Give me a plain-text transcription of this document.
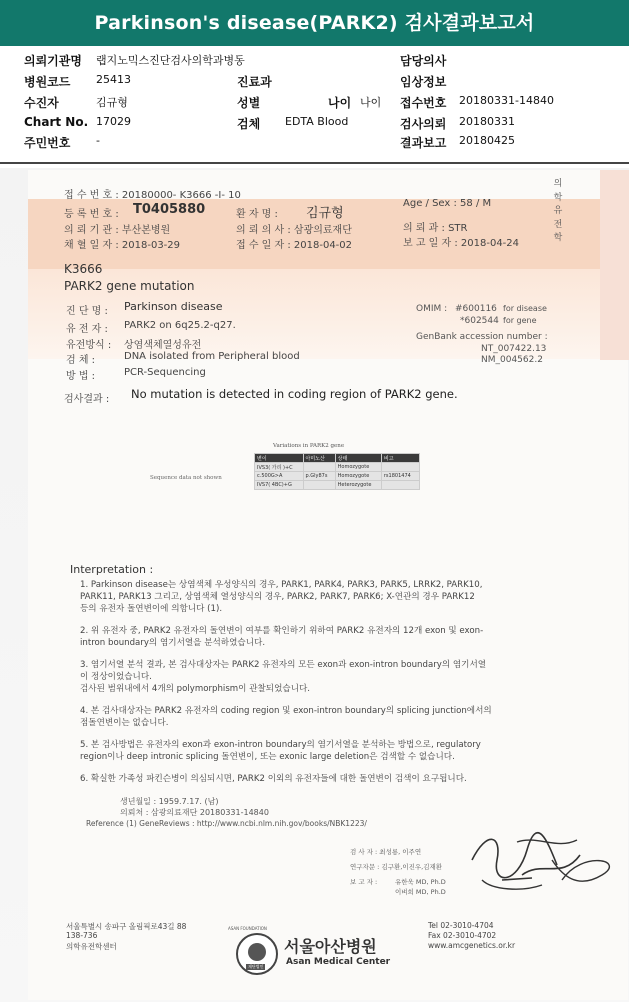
Parkinson's disease(PARK2) 검사결과보고서
의뢰기관명 랩지노믹스진단검사의학과병동	담당의사
병원코드 25413	진료과	임상정보
수진자	김규형	성별	나이 나이 접수번호 20180331-14840
Chart No. 17029	검체 EDTA Blood	검사의뢰 20180331
주민번호 -	결과보고 20180425
접 수 번 호 : 20180000- K3666 -I- 10
등 록 번 호 : T0405880	환 자 명 : 김규형
Age / Sex : 58 / M
의 뢰 기 관 : 부산본병원	의 뢰 의 사 : 삼광의료재단	의 뢰 과 : STR
채 혈 일 자 : 2018-03-29	접 수 일 자 : 2018-04-02	보 고 일 자 : 2018-04-24
의
학
유
전
학
K3666
PARK2 gene mutation
진 단 명 : Parkinson disease
유 전 자 : PARK2 on 6q25.2-q27.
유전방식 : 상염색체열성유전
검 체 :	DNA isolated from Peripheral blood
방 법 :	PCR-Sequencing
OMIM : #600116 for disease
*602544 for gene
GenBank accession number :
NT_007422.13
NM_004562.2
검사결과 : No mutation is detected in coding region of PARK2 gene.
Sequence data not shown
Variations in PARK2 gene
변이	아미노산	상태	비고
IVS3( 가리 )+C		Homozygote	
c.500G>A	p.Gly87s	Homozygote	rs1801474
IVS7( 4BC)+G		Heterozygote	
Interpretation :
1. Parkinson disease는 상염색체 우성양식의 경우, PARK1, PARK4, PARK3, PARK5, LRRK2, PARK10,
PARK11, PARK13 그리고, 상염색체 열성양식의 경우, PARK2, PARK7, PARK6; X-연관의 경우 PARK12
등의 유전자 돌연변이에 의함니다 (1).
2. 위 유전자 중, PARK2 유전자의 돌연변이 여부를 확인하기 위하여 PARK2 유전자의 12개 exon 및 exon-
intron boundary의 염기서열을 분석하였습니다.
3. 염기서열 분석 결과, 본 검사대상자는 PARK2 유전자의 모든 exon과 exon-intron boundary의 염기서열
이 정상이었습니다.
검사된 범위내에서 4개의 polymorphism이 관찰되었습니다.
4. 본 검사대상자는 PARK2 유전자의 coding region 및 exon-intron boundary의 splicing junction에서의
점돌연변이는 없습니다.
5. 본 검사방법은 유전자의 exon과 exon-intron boundary의 염기서열을 분석하는 방법으로, regulatory
region이나 deep intronic splicing 돌연변이, 또는 exonic large deletion은 검색할 수 없습니다.
6. 확실한 가족성 파킨슨병이 의심되시면, PARK2 이외의 유전자들에 대한 돌연변이 검색이 요구됩니다.
생년월일 : 1959.7.17. (남)
의뢰처 : 삼광의료재단 20180331-14840
Reference (1) GeneReviews : http://www.ncbi.nlm.nih.gov/books/NBK1223/
검 사 자 : 최성룡, 이주연
연구자문 : 김구환,이진우,김재환
보 고 자 :	유한욱 MD, Ph.D
이벼희 MD, Ph.D
서울특별시 송파구 올림픽로43길 88
138-736
의학유전학센터
ASAN FOUNDATION
재단법인
서울아산병원
Asan Medical Center
Tel 02-3010-4704
Fax 02-3010-4702
www.amcgenetics.or.kr
